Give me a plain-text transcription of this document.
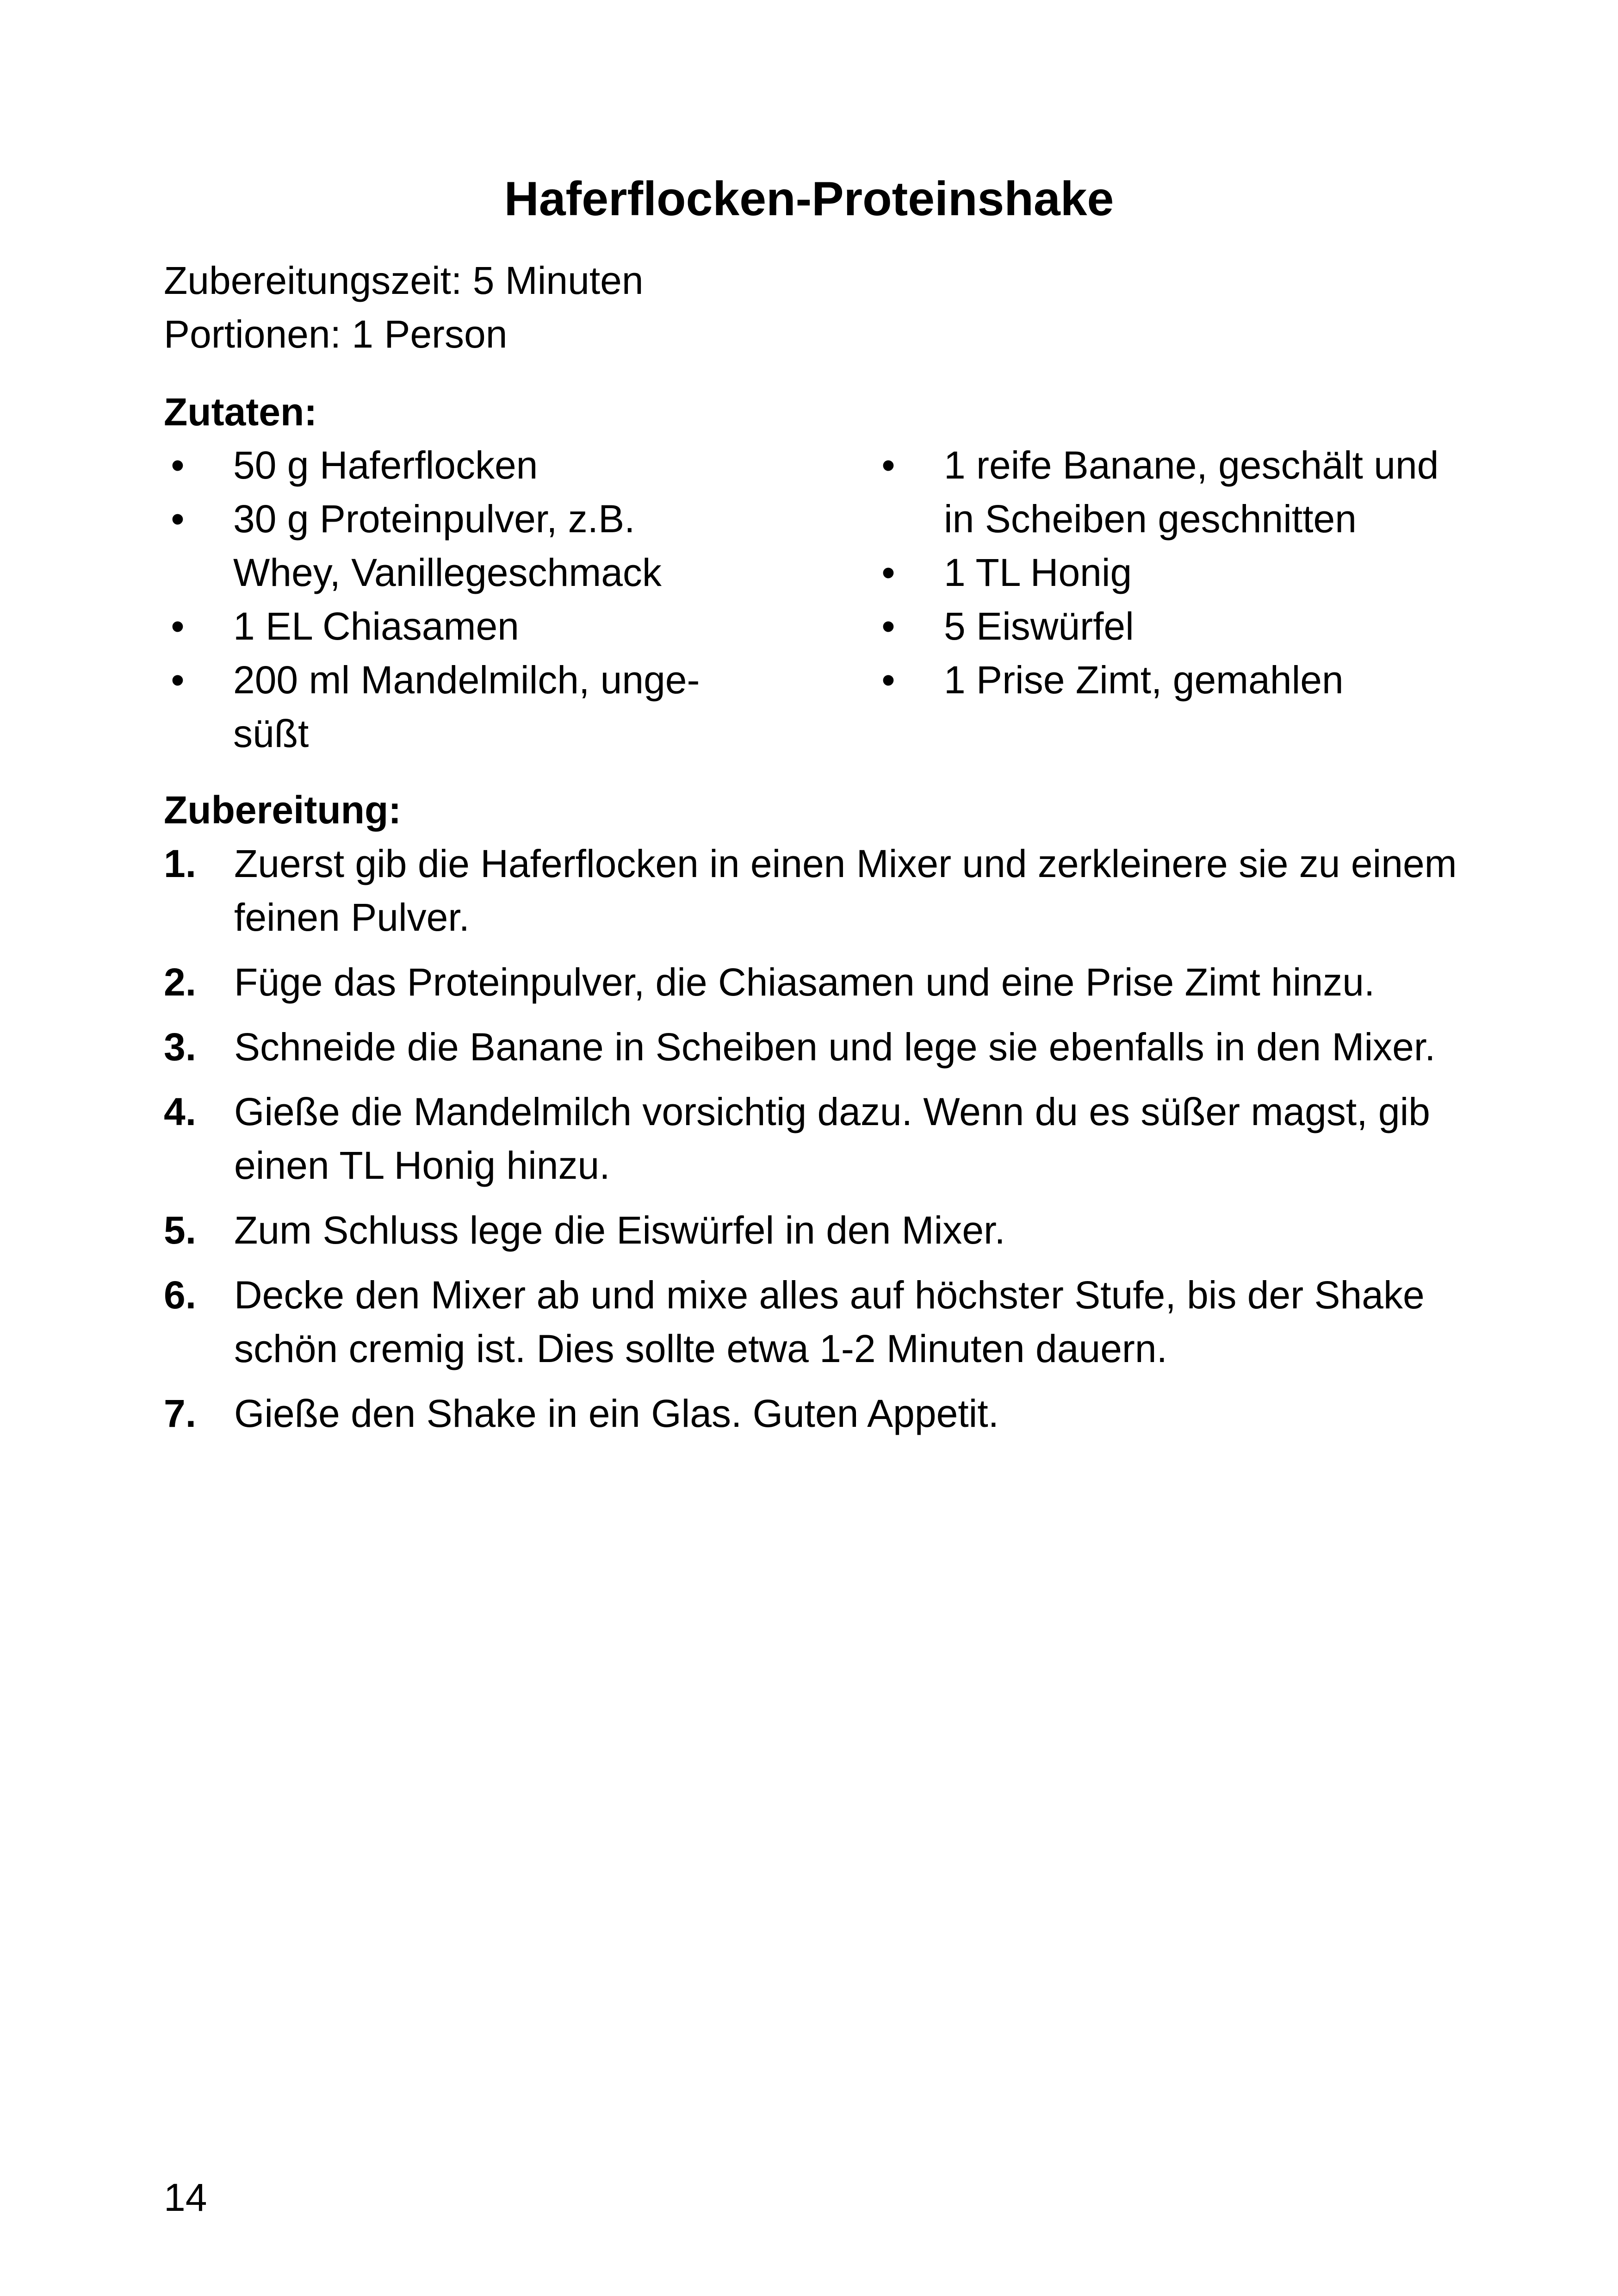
Haferflocken-Proteinshake
Zubereitungszeit: 5 Minuten
Portionen: 1 Person
Zutaten:
• 50 g Haferflocken
• 30 g Proteinpulver, z.B. Whey, Vanillegeschmack
• 1 EL Chiasamen
• 200 ml Mandelmilch, ungesüßt
• 1 reife Banane, geschält und in Scheiben geschnitten
• 1 TL Honig
• 5 Eiswürfel
• 1 Prise Zimt, gemahlen
Zubereitung:
1. Zuerst gib die Haferflocken in einen Mixer und zerkleinere sie zu einem feinen Pulver.
2. Füge das Proteinpulver, die Chiasamen und eine Prise Zimt hinzu.
3. Schneide die Banane in Scheiben und lege sie ebenfalls in den Mixer.
4. Gieße die Mandelmilch vorsichtig dazu. Wenn du es süßer magst, gib einen TL Honig hinzu.
5. Zum Schluss lege die Eiswürfel in den Mixer.
6. Decke den Mixer ab und mixe alles auf höchster Stufe, bis der Shake schön cremig ist. Dies sollte etwa 1-2 Minuten dauern.
7. Gieße den Shake in ein Glas. Guten Appetit.
14
